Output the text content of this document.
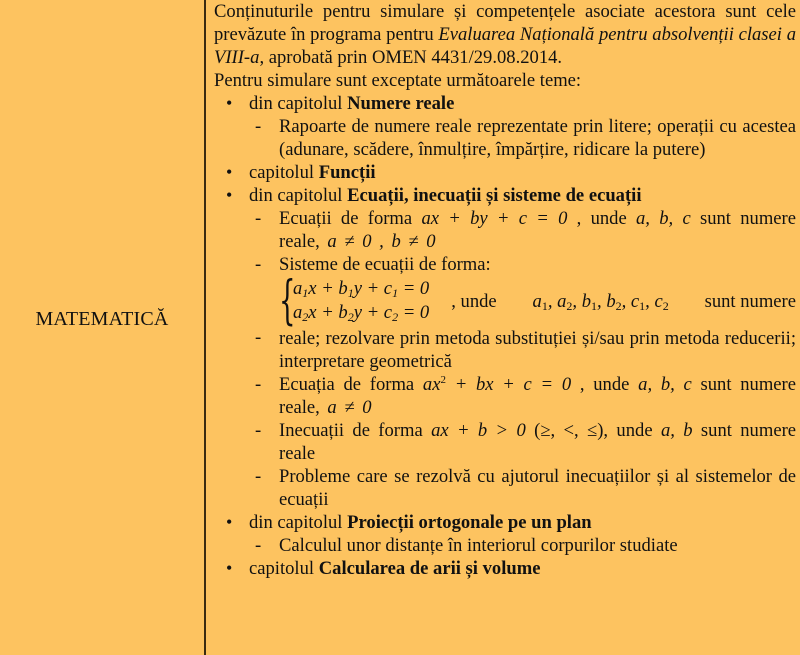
MATEMATICĂ
Conținuturile pentru simulare și competențele asociate acestora sunt cele prevăzute în programa pentru Evaluarea Națională pentru absolvenții clasei a VIII-a, aprobată prin OMEN 4431/29.08.2014.
Pentru simulare sunt exceptate următoarele teme:
• din capitolul Numere reale
- Rapoarte de numere reale reprezentate prin litere; operații cu acestea (adunare, scădere, înmulțire, împărțire, ridicare la putere)
• capitolul Funcții
• din capitolul Ecuații, inecuații și sisteme de ecuații
- Ecuații de forma ax + by + c = 0 , unde a, b, c sunt numere reale, a ≠ 0 , b ≠ 0
- Sisteme de ecuații de forma:
{
$a_1x + b_1y + c_1 = 0$
$a_2x + b_2y + c_2 = 0$
, unde $a_1$, $a_2$, $b_1$, $b_2$, $c_1$, $c_2$ sunt numere
- reale; rezolvare prin metoda substituției și/sau prin metoda reducerii; interpretare geometrică
- Ecuația de forma $ax^2$ + bx + c = 0 , unde a, b, c sunt numere reale, a ≠ 0
- Inecuații de forma ax + b > 0 (≥, <, ≤), unde a, b sunt numere reale
- Probleme care se rezolvă cu ajutorul inecuațiilor și al sistemelor de ecuații
• din capitolul Proiecții ortogonale pe un plan
- Calculul unor distanțe în interiorul corpurilor studiate
• capitolul Calcularea de arii și volume
